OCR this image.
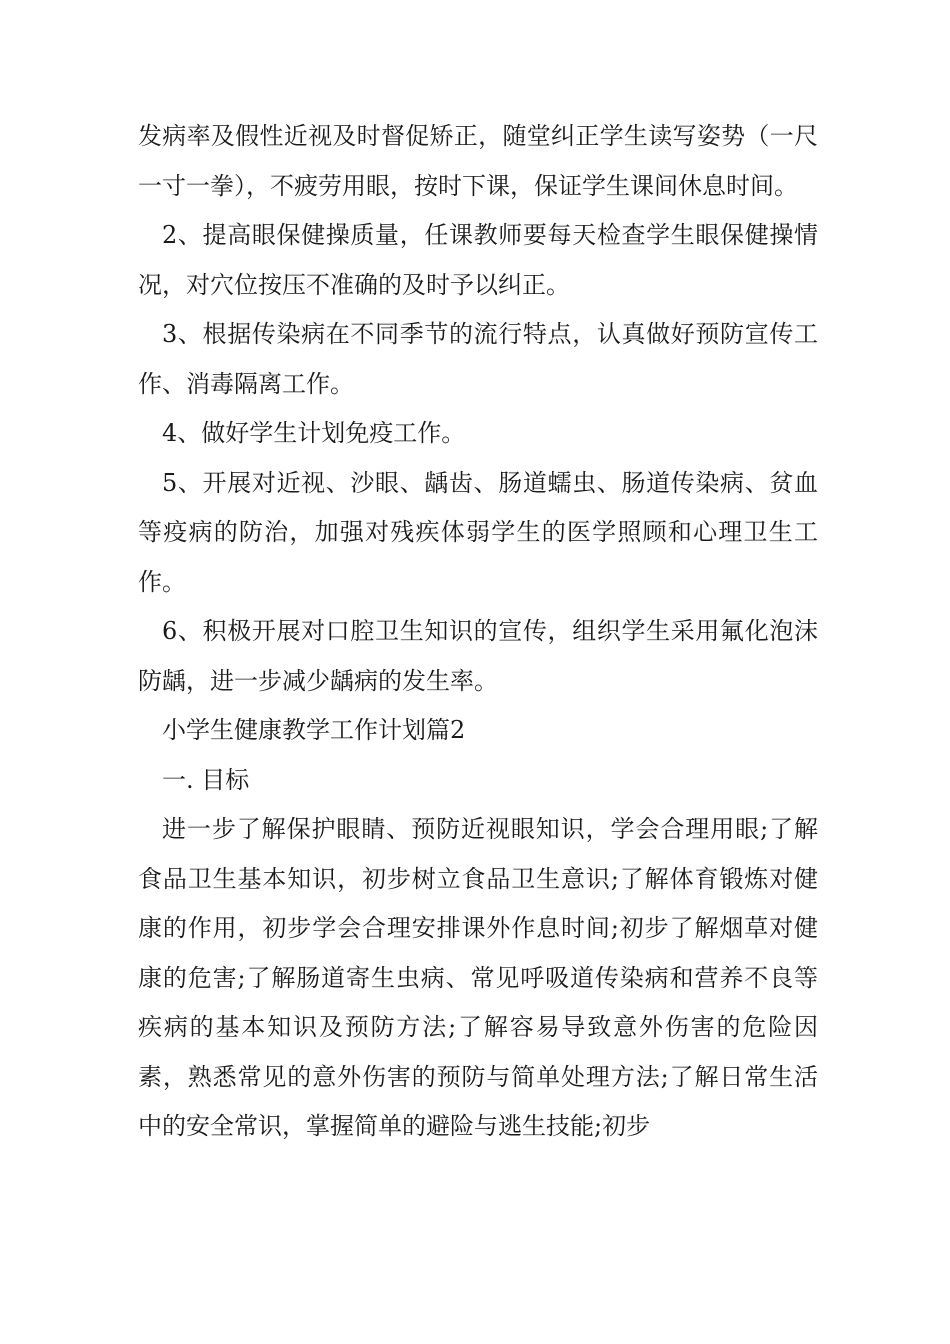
发病率及假性近视及时督促矫正，随堂纠正学生读写姿势（一尺一寸一拳），不疲劳用眼，按时下课，保证学生课间休息时间。

2、提高眼保健操质量，任课教师要每天检查学生眼保健操情况，对穴位按压不准确的及时予以纠正。

3、根据传染病在不同季节的流行特点，认真做好预防宣传工作、消毒隔离工作。

4、做好学生计划免疫工作。

5、开展对近视、沙眼、龋齿、肠道蠕虫、肠道传染病、贫血等疫病的防治，加强对残疾体弱学生的医学照顾和心理卫生工作。

6、积极开展对口腔卫生知识的宣传，组织学生采用氟化泡沫防龋，进一步减少龋病的发生率。

小学生健康教学工作计划篇2

一. 目标

进一步了解保护眼睛、预防近视眼知识，学会合理用眼;了解食品卫生基本知识，初步树立食品卫生意识;了解体育锻炼对健康的作用，初步学会合理安排课外作息时间;初步了解烟草对健康的危害;了解肠道寄生虫病、常见呼吸道传染病和营养不良等疾病的基本知识及预防方法;了解容易导致意外伤害的危险因素，熟悉常见的意外伤害的预防与简单处理方法;了解日常生活中的安全常识，掌握简单的避险与逃生技能;初步
